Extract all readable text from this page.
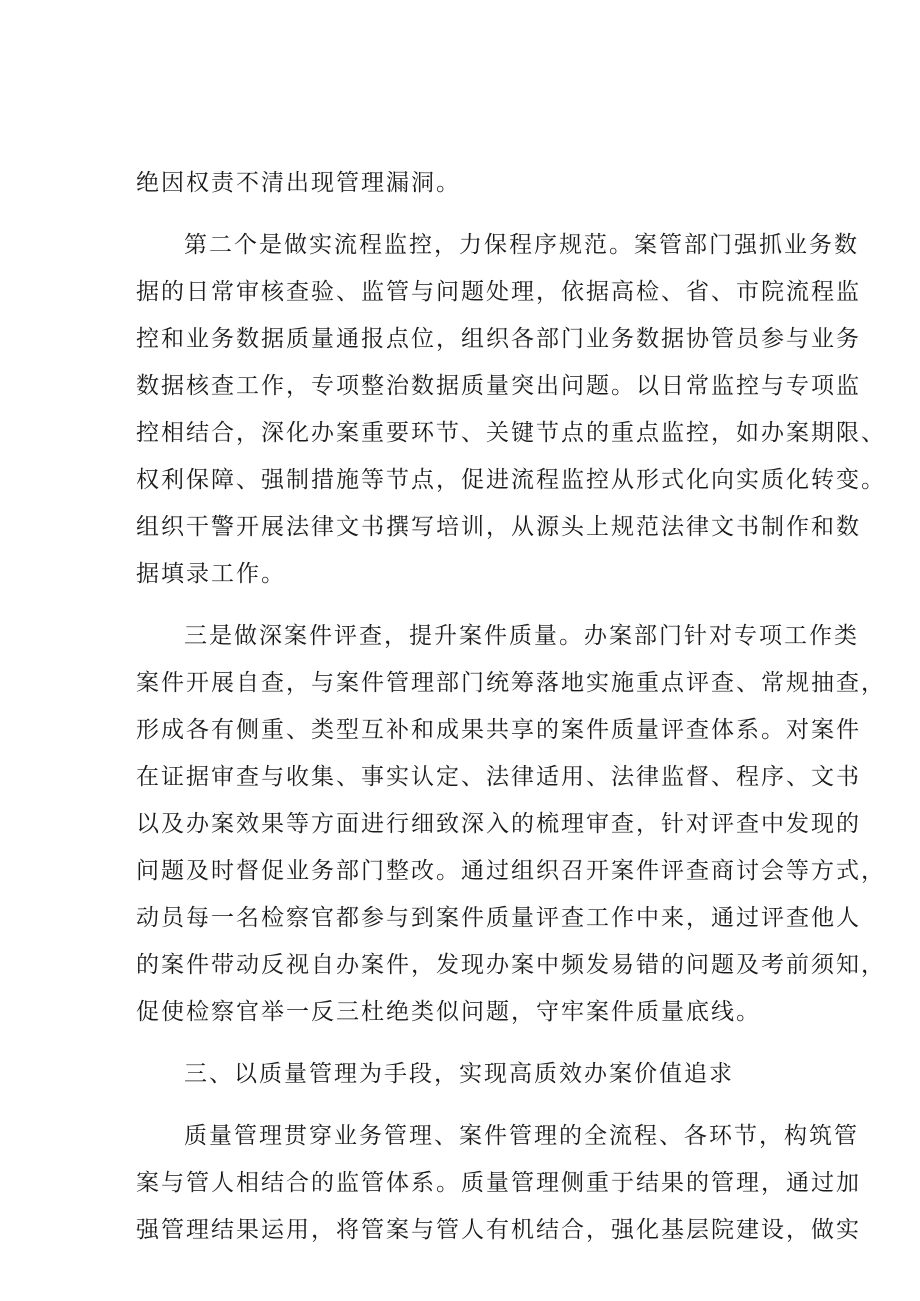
绝因权责不清出现管理漏洞。
第二个是做实流程监控，力保程序规范。案管部门强抓业务数
据的日常审核查验、监管与问题处理，依据高检、省、市院流程监
控和业务数据质量通报点位，组织各部门业务数据协管员参与业务
数据核查工作，专项整治数据质量突出问题。以日常监控与专项监
控相结合，深化办案重要环节、关键节点的重点监控，如办案期限、
权利保障、强制措施等节点，促进流程监控从形式化向实质化转变。
组织干警开展法律文书撰写培训，从源头上规范法律文书制作和数
据填录工作。
三是做深案件评查，提升案件质量。办案部门针对专项工作类
案件开展自查，与案件管理部门统筹落地实施重点评查、常规抽查，
形成各有侧重、类型互补和成果共享的案件质量评查体系。对案件
在证据审查与收集、事实认定、法律适用、法律监督、程序、文书
以及办案效果等方面进行细致深入的梳理审查，针对评查中发现的
问题及时督促业务部门整改。通过组织召开案件评查商讨会等方式，
动员每一名检察官都参与到案件质量评查工作中来，通过评查他人
的案件带动反视自办案件，发现办案中频发易错的问题及考前须知，
促使检察官举一反三杜绝类似问题，守牢案件质量底线。
三、以质量管理为手段，实现高质效办案价值追求
质量管理贯穿业务管理、案件管理的全流程、各环节，构筑管
案与管人相结合的监管体系。质量管理侧重于结果的管理，通过加
强管理结果运用，将管案与管人有机结合，强化基层院建设，做实
